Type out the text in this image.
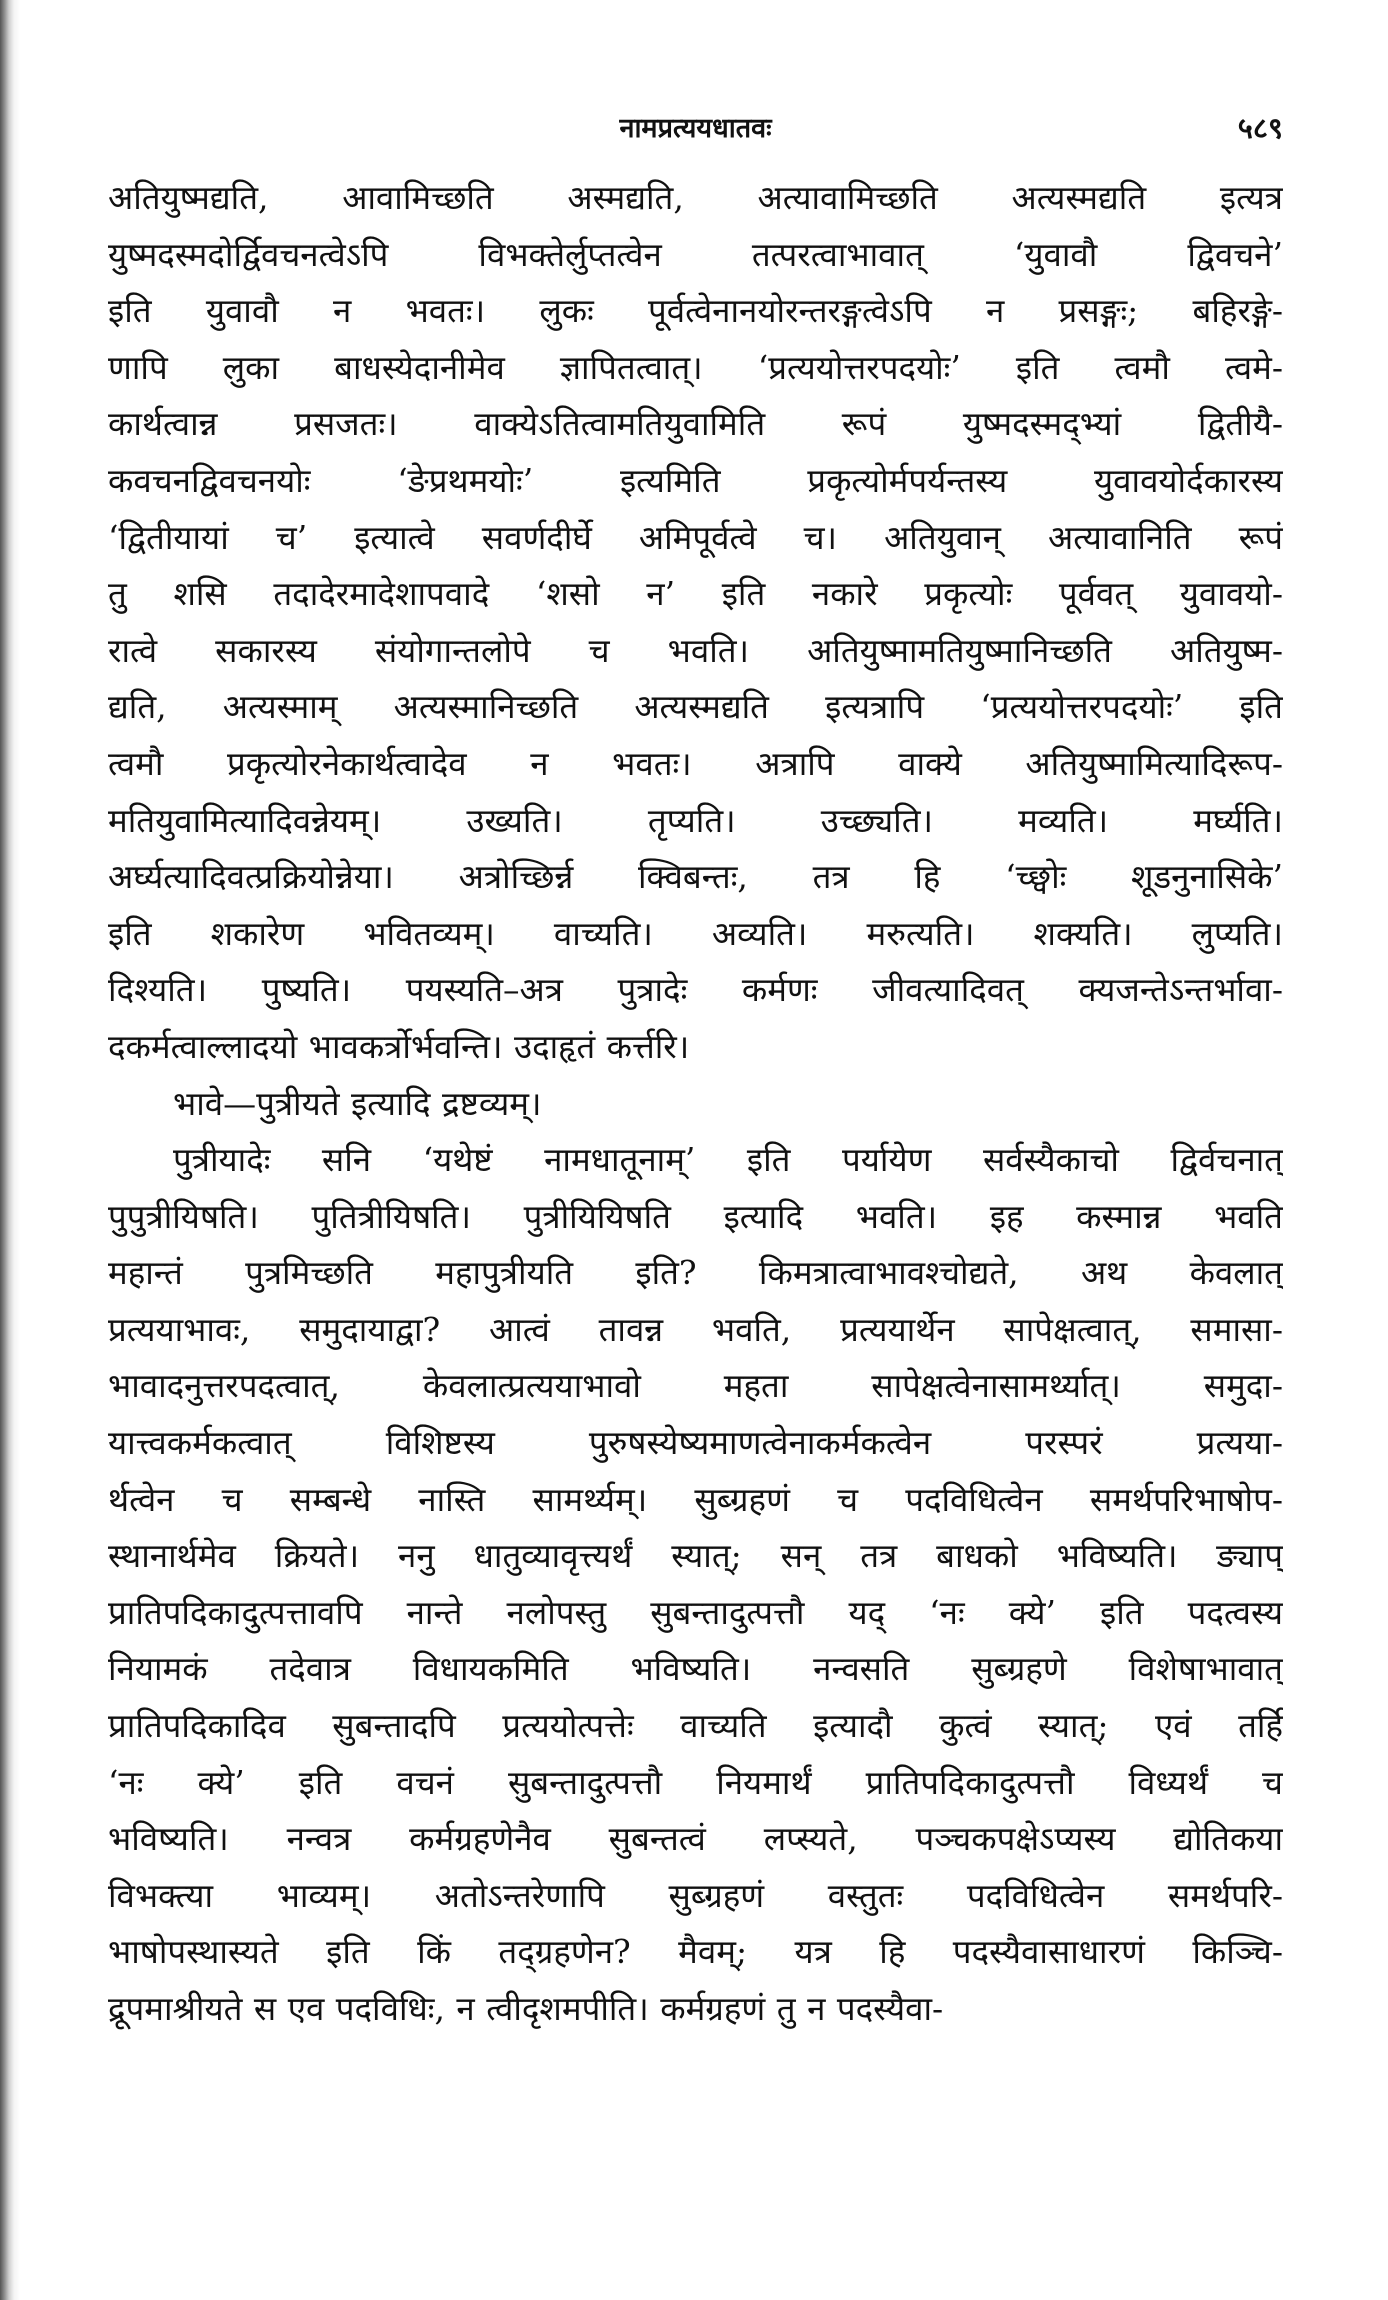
नामप्रत्ययधातवः	५८९
अतियुष्मद्यति, आवामिच्छति अस्मद्यति, अत्यावामिच्छति अत्यस्मद्यति इत्यत्र
युष्मदस्मदोर्द्विवचनत्वेऽपि विभक्तेर्लुप्तत्वेन तत्परत्वाभावात् ‘युवावौ द्विवचने’
इति युवावौ न भवतः। लुकः पूर्वत्वेनानयोरन्तरङ्गत्वेऽपि न प्रसङ्गः; बहिरङ्गे-
णापि लुका बाधस्येदानीमेव ज्ञापितत्वात्। ‘प्रत्ययोत्तरपदयोः’ इति त्वमौ त्वमे-
कार्थत्वान्न प्रसजतः। वाक्येऽतित्वामतियुवामिति रूपं युष्मदस्मद्भ्यां द्वितीयै-
कवचनद्विवचनयोः ‘ङेप्रथमयोः’ इत्यमिति प्रकृत्योर्मपर्यन्तस्य युवावयोर्दकारस्य
‘द्वितीयायां च’ इत्यात्वे सवर्णदीर्घे अमिपूर्वत्वे च। अतियुवान् अत्यावानिति रूपं
तु शसि तदादेरमादेशापवादे ‘शसो न’ इति नकारे प्रकृत्योः पूर्ववत् युवावयो-
रात्वे सकारस्य संयोगान्तलोपे च भवति। अतियुष्मामतियुष्मानिच्छति अतियुष्म-
द्यति, अत्यस्माम् अत्यस्मानिच्छति अत्यस्मद्यति इत्यत्रापि ‘प्रत्ययोत्तरपदयोः’ इति
त्वमौ प्रकृत्योरनेकार्थत्वादेव न भवतः। अत्रापि वाक्ये अतियुष्मामित्यादिरूप-
मतियुवामित्यादिवन्नेयम्। उख्यति। तृप्यति। उच्छ्यति। मव्यति। मर्घ्यति।
अर्घ्यत्यादिवत्प्रक्रियोन्नेया। अत्रोच्छिर्न्न क्विबन्तः, तत्र हि ‘च्छ्वोः शूडनुनासिके’
इति शकारेण भवितव्यम्। वाच्यति। अव्यति। मरुत्यति। शक्यति। लुप्यति।
दिश्यति। पुष्यति। पयस्यति–अत्र पुत्रादेः कर्मणः जीवत्यादिवत् क्यजन्तेऽन्तर्भावा-
दकर्मत्वाल्लादयो भावकर्त्रोर्भवन्ति। उदाहृतं कर्त्तरि।
भावे—पुत्रीयते इत्यादि द्रष्टव्यम्।
पुत्रीयादेः सनि ‘यथेष्टं नामधातूनाम्’ इति पर्यायेण सर्वस्यैकाचो द्विर्वचनात्
पुपुत्रीयिषति। पुतित्रीयिषति। पुत्रीयियिषति इत्यादि भवति। इह कस्मान्न भवति
महान्तं पुत्रमिच्छति महापुत्रीयति इति? किमत्रात्वाभावश्चोद्यते, अथ केवलात्
प्रत्ययाभावः, समुदायाद्वा? आत्वं तावन्न भवति, प्रत्ययार्थेन सापेक्षत्वात्, समासा-
भावादनुत्तरपदत्वात्, केवलात्प्रत्ययाभावो महता सापेक्षत्वेनासामर्थ्यात्। समुदा-
यात्त्वकर्मकत्वात् विशिष्टस्य पुरुषस्येष्यमाणत्वेनाकर्मकत्वेन परस्परं प्रत्यया-
र्थत्वेन च सम्बन्धे नास्ति सामर्थ्यम्। सुब्ग्रहणं च पदविधित्वेन समर्थपरिभाषोप-
स्थानार्थमेव क्रियते। ननु धातुव्यावृत्त्यर्थं स्यात्; सन् तत्र बाधको भविष्यति। ङ्याप्
प्रातिपदिकादुत्पत्तावपि नान्ते नलोपस्तु सुबन्तादुत्पत्तौ यद् ‘नः क्ये’ इति पदत्वस्य
नियामकं तदेवात्र विधायकमिति भविष्यति। नन्वसति सुब्ग्रहणे विशेषाभावात्
प्रातिपदिकादिव सुबन्तादपि प्रत्ययोत्पत्तेः वाच्यति इत्यादौ कुत्वं स्यात्; एवं तर्हि
‘नः क्ये’ इति वचनं सुबन्तादुत्पत्तौ नियमार्थं प्रातिपदिकादुत्पत्तौ विध्यर्थं च
भविष्यति। नन्वत्र कर्मग्रहणेनैव सुबन्तत्वं लप्स्यते, पञ्चकपक्षेऽप्यस्य द्योतिकया
विभक्त्या भाव्यम्। अतोऽन्तरेणापि सुब्ग्रहणं वस्तुतः पदविधित्वेन समर्थपरि-
भाषोपस्थास्यते इति किं तद्ग्रहणेन? मैवम्; यत्र हि पदस्यैवासाधारणं किञ्चि-
द्रूपमाश्रीयते स एव पदविधिः, न त्वीदृशमपीति। कर्मग्रहणं तु न पदस्यैवा-
